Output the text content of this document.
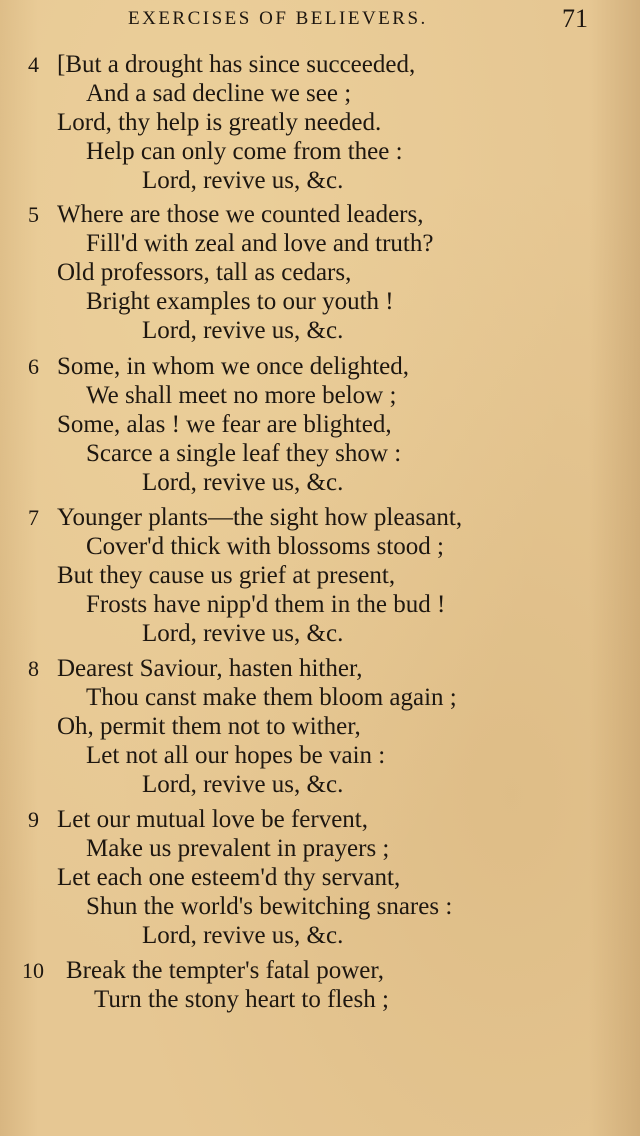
EXERCISES OF BELIEVERS.	71
4 [But a drought has since succeeded,
And a sad decline we see ;
Lord, thy help is greatly needed.
Help can only come from thee :
Lord, revive us, &c.
5 Where are those we counted leaders,
Fill'd with zeal and love and truth?
Old professors, tall as cedars,
Bright examples to our youth !
Lord, revive us, &c.
6 Some, in whom we once delighted,
We shall meet no more below ;
Some, alas ! we fear are blighted,
Scarce a single leaf they show :
Lord, revive us, &c.
7 Younger plants—the sight how pleasant,
Cover'd thick with blossoms stood ;
But they cause us grief at present,
Frosts have nipp'd them in the bud !
Lord, revive us, &c.
8 Dearest Saviour, hasten hither,
Thou canst make them bloom again ;
Oh, permit them not to wither,
Let not all our hopes be vain :
Lord, revive us, &c.
9 Let our mutual love be fervent,
Make us prevalent in prayers ;
Let each one esteem'd thy servant,
Shun the world's bewitching snares :
Lord, revive us, &c.
10 Break the tempter's fatal power,
Turn the stony heart to flesh ;
